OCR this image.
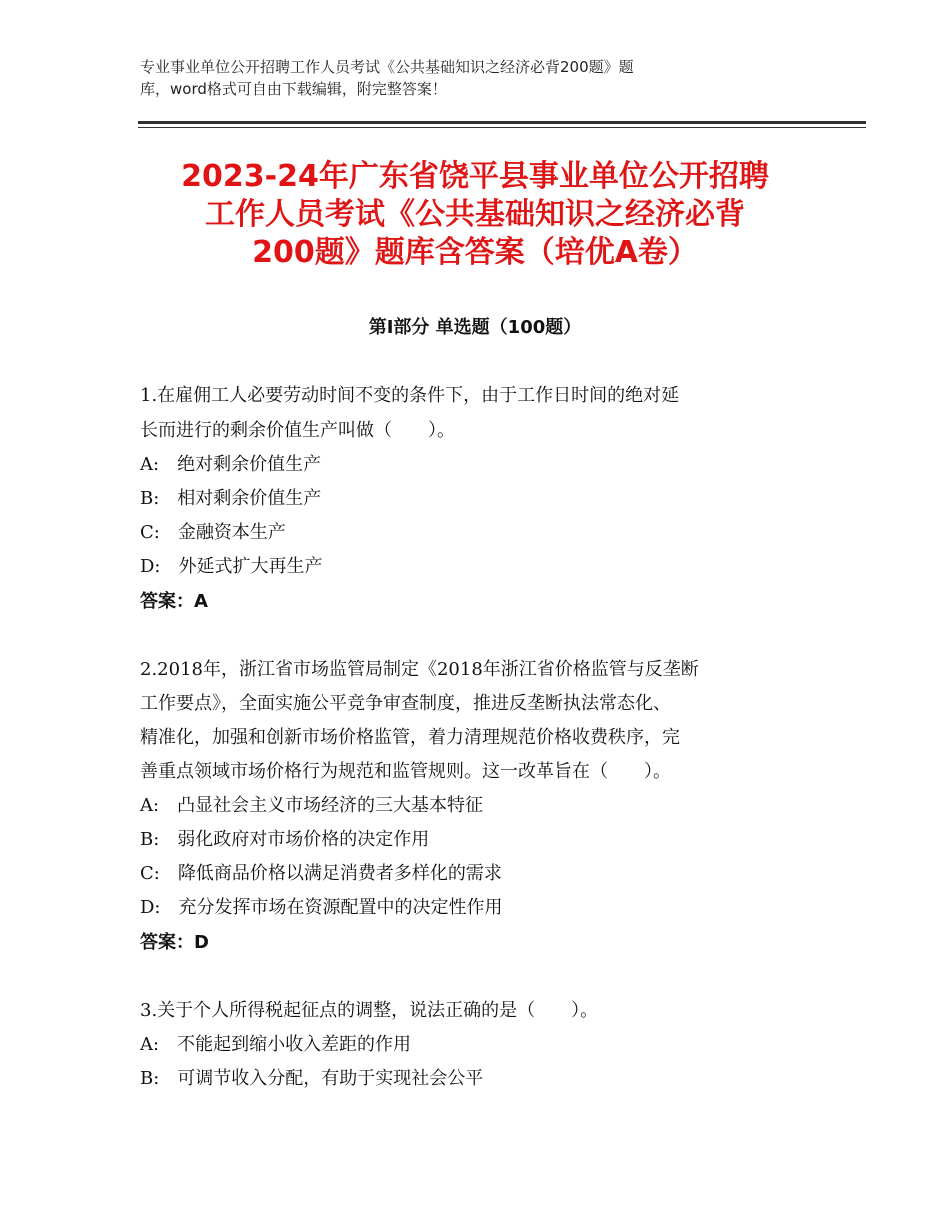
专业事业单位公开招聘工作人员考试《公共基础知识之经济必背200题》题
库，word格式可自由下载编辑，附完整答案！
2023-24年广东省饶平县事业单位公开招聘
工作人员考试《公共基础知识之经济必背
200题》题库含答案（培优A卷）
第Ⅰ部分 单选题（100题）
1.在雇佣工人必要劳动时间不变的条件下，由于工作日时间的绝对延
长而进行的剩余价值生产叫做（　　）。
A:　绝对剩余价值生产
B:　相对剩余价值生产
C:　金融资本生产
D:　外延式扩大再生产
答案：A
2.2018年，浙江省市场监管局制定《2018年浙江省价格监管与反垄断
工作要点》，全面实施公平竞争审查制度，推进反垄断执法常态化、
精准化，加强和创新市场价格监管，着力清理规范价格收费秩序，完
善重点领域市场价格行为规范和监管规则。这一改革旨在（　　）。
A:　凸显社会主义市场经济的三大基本特征
B:　弱化政府对市场价格的决定作用
C:　降低商品价格以满足消费者多样化的需求
D:　充分发挥市场在资源配置中的决定性作用
答案：D
3.关于个人所得税起征点的调整，说法正确的是（　　）。
A:　不能起到缩小收入差距的作用
B:　可调节收入分配，有助于实现社会公平
